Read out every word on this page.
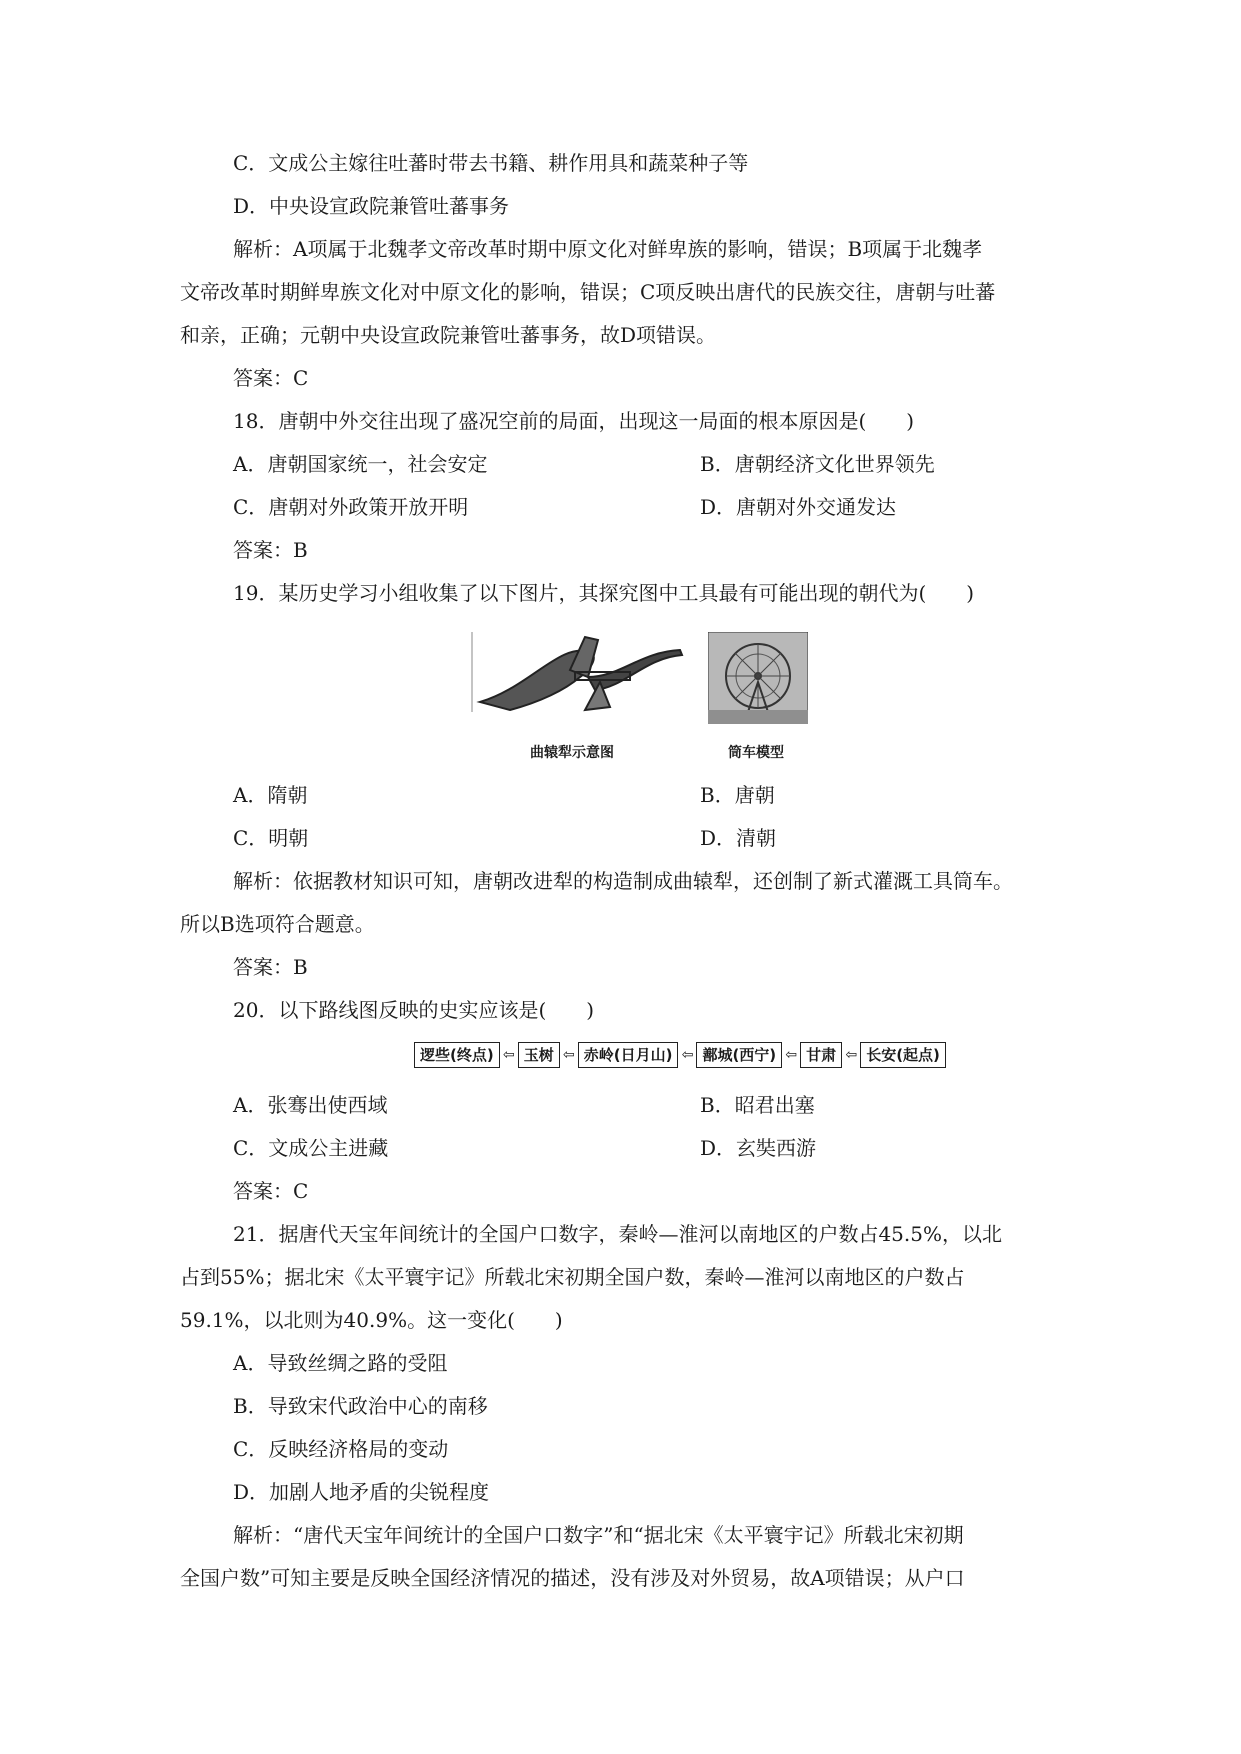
C．文成公主嫁往吐蕃时带去书籍、耕作用具和蔬菜种子等
D．中央设宣政院兼管吐蕃事务
解析：A项属于北魏孝文帝改革时期中原文化对鲜卑族的影响，错误；B项属于北魏孝
文帝改革时期鲜卑族文化对中原文化的影响，错误；C项反映出唐代的民族交往，唐朝与吐蕃
和亲，正确；元朝中央设宣政院兼管吐蕃事务，故D项错误。
答案：C
18．唐朝中外交往出现了盛况空前的局面，出现这一局面的根本原因是(　　)
A．唐朝国家统一，社会安定	B．唐朝经济文化世界领先
C．唐朝对外政策开放开明	D．唐朝对外交通发达
答案：B
19．某历史学习小组收集了以下图片，其探究图中工具最有可能出现的朝代为(　　)
曲辕犁示意图	筒车模型
A．隋朝	B．唐朝
C．明朝	D．清朝
解析：依据教材知识可知，唐朝改进犁的构造制成曲辕犁，还创制了新式灌溉工具筒车。
所以B选项符合题意。
答案：B
20．以下路线图反映的史实应该是(　　)
逻些(终点) ⇦ 玉树 ⇦ 赤岭(日月山) ⇦ 鄯城(西宁) ⇦ 甘肃 ⇦ 长安(起点)
A．张骞出使西域	B．昭君出塞
C．文成公主进藏	D．玄奘西游
答案：C
21．据唐代天宝年间统计的全国户口数字，秦岭—淮河以南地区的户数占45.5%，以北
占到55%；据北宋《太平寰宇记》所载北宋初期全国户数，秦岭—淮河以南地区的户数占
59.1%，以北则为40.9%。这一变化(　　)
A．导致丝绸之路的受阻
B．导致宋代政治中心的南移
C．反映经济格局的变动
D．加剧人地矛盾的尖锐程度
解析：“唐代天宝年间统计的全国户口数字”和“据北宋《太平寰宇记》所载北宋初期
全国户数”可知主要是反映全国经济情况的描述，没有涉及对外贸易，故A项错误；从户口
